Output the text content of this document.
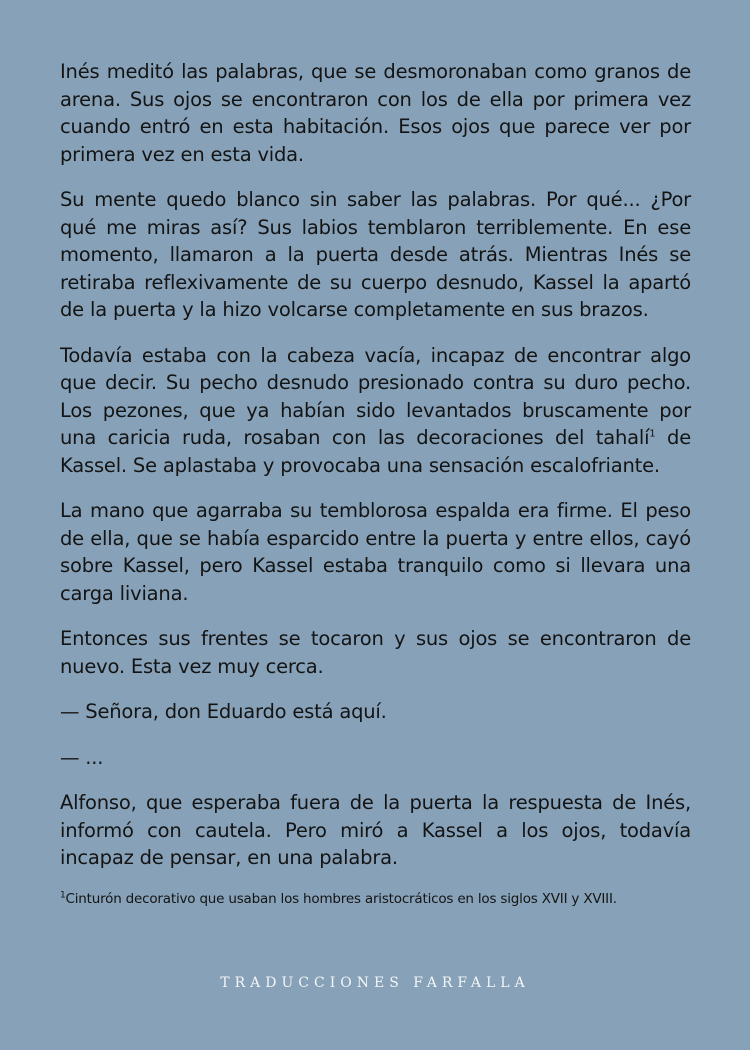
Inés meditó las palabras, que se desmoronaban como granos de arena. Sus ojos se encontraron con los de ella por primera vez cuando entró en esta habitación. Esos ojos que parece ver por primera vez en esta vida.

Su mente quedo blanco sin saber las palabras. Por qué... ¿Por qué me miras así? Sus labios temblaron terriblemente. En ese momento, llamaron a la puerta desde atrás. Mientras Inés se retiraba reflexivamente de su cuerpo desnudo, Kassel la apartó de la puerta y la hizo volcarse completamente en sus brazos.

Todavía estaba con la cabeza vacía, incapaz de encontrar algo que decir. Su pecho desnudo presionado contra su duro pecho. Los pezones, que ya habían sido levantados bruscamente por una caricia ruda, rosaban con las decoraciones del tahalí$^1$ de Kassel. Se aplastaba y provocaba una sensación escalofriante.

La mano que agarraba su temblorosa espalda era firme. El peso de ella, que se había esparcido entre la puerta y entre ellos, cayó sobre Kassel, pero Kassel estaba tranquilo como si llevara una carga liviana.

Entonces sus frentes se tocaron y sus ojos se encontraron de nuevo. Esta vez muy cerca.

— Señora, don Eduardo está aquí.

— ...

Alfonso, que esperaba fuera de la puerta la respuesta de Inés, informó con cautela. Pero miró a Kassel a los ojos, todavía incapaz de pensar, en una palabra.

$^1$Cinturón decorativo que usaban los hombres aristocráticos en los siglos XVII y XVIII.
TRADUCCIONES FARFALLA
